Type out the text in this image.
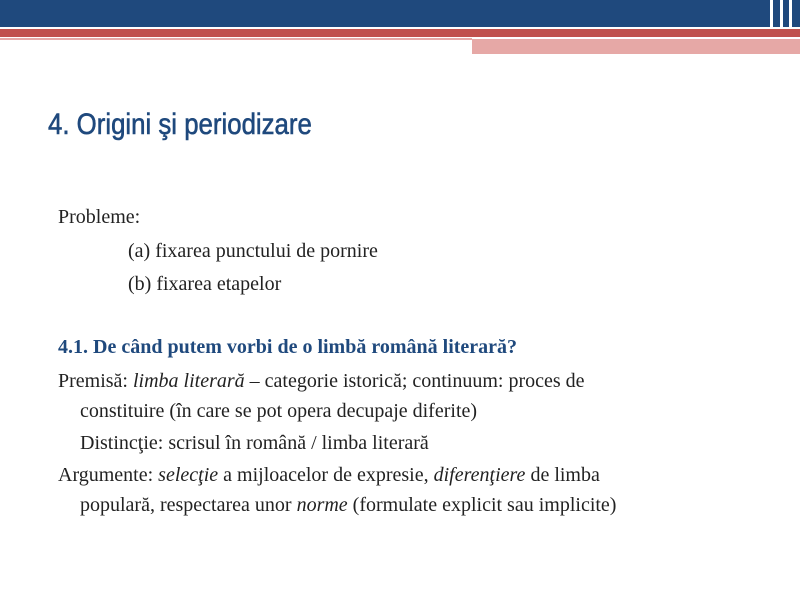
4. Origini şi periodizare
Probleme:
(a) fixarea punctului de pornire
(b) fixarea etapelor
4.1. De când putem vorbi de o limbă română literară?
Premisă: limba literară – categorie istorică; continuum: proces de
constituire (în care se pot opera decupaje diferite)
Distincţie: scrisul în română / limba literară
Argumente: selecţie a mijloacelor de expresie, diferenţiere de limba
populară, respectarea unor norme (formulate explicit sau implicite)
